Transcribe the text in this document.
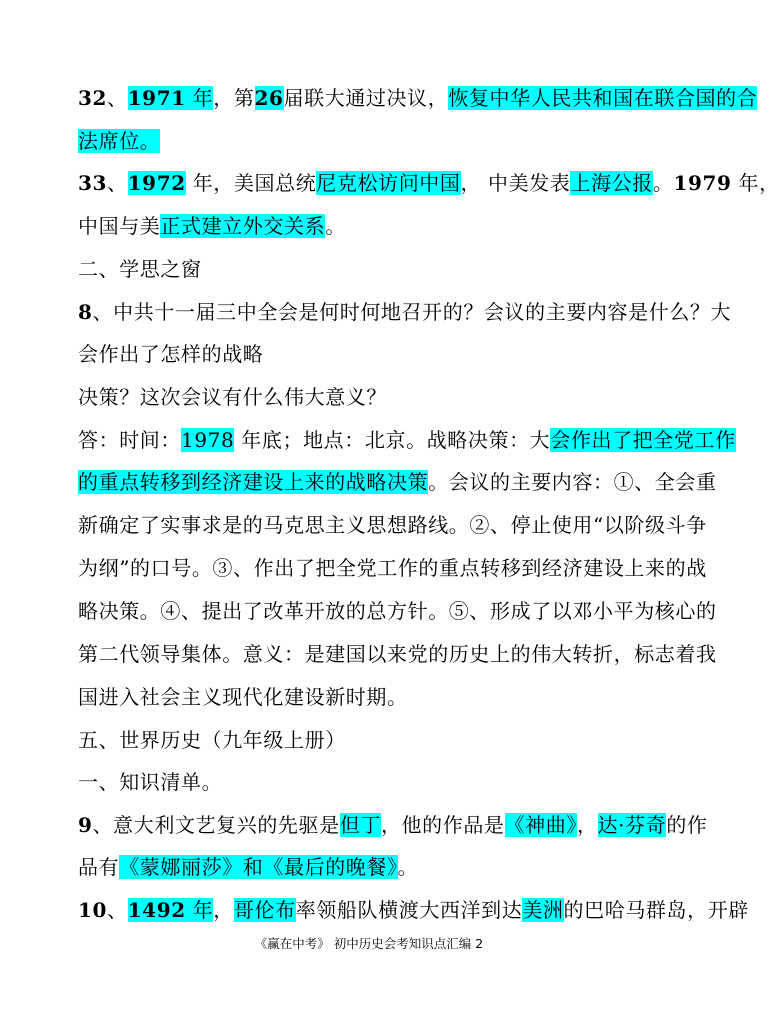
32、1971 年，第26届联大通过决议，恢复中华人民共和国在联合国的合
法席位。
33、1972 年，美国总统尼克松访问中国， 中美发表上海公报。1979 年，
中国与美正式建立外交关系。
二、学思之窗
8、中共十一届三中全会是何时何地召开的？会议的主要内容是什么？大
会作出了怎样的战略
决策？这次会议有什么伟大意义？
答：时间：1978 年底；地点：北京。战略决策：大会作出了把全党工作
的重点转移到经济建设上来的战略决策。会议的主要内容：①、全会重
新确定了实事求是的马克思主义思想路线。②、停止使用“以阶级斗争
为纲”的口号。③、作出了把全党工作的重点转移到经济建设上来的战
略决策。④、提出了改革开放的总方针。⑤、形成了以邓小平为核心的
第二代领导集体。意义：是建国以来党的历史上的伟大转折，标志着我
国进入社会主义现代化建设新时期。
五、世界历史（九年级上册）
一、知识清单。
9、意大利文艺复兴的先驱是但丁，他的作品是《神曲》，达·芬奇的作
品有《蒙娜丽莎》和《最后的晚餐》。
10、1492 年，哥伦布率领船队横渡大西洋到达美洲的巴哈马群岛，开辟
《赢在中考》 初中历史会考知识点汇编 2
